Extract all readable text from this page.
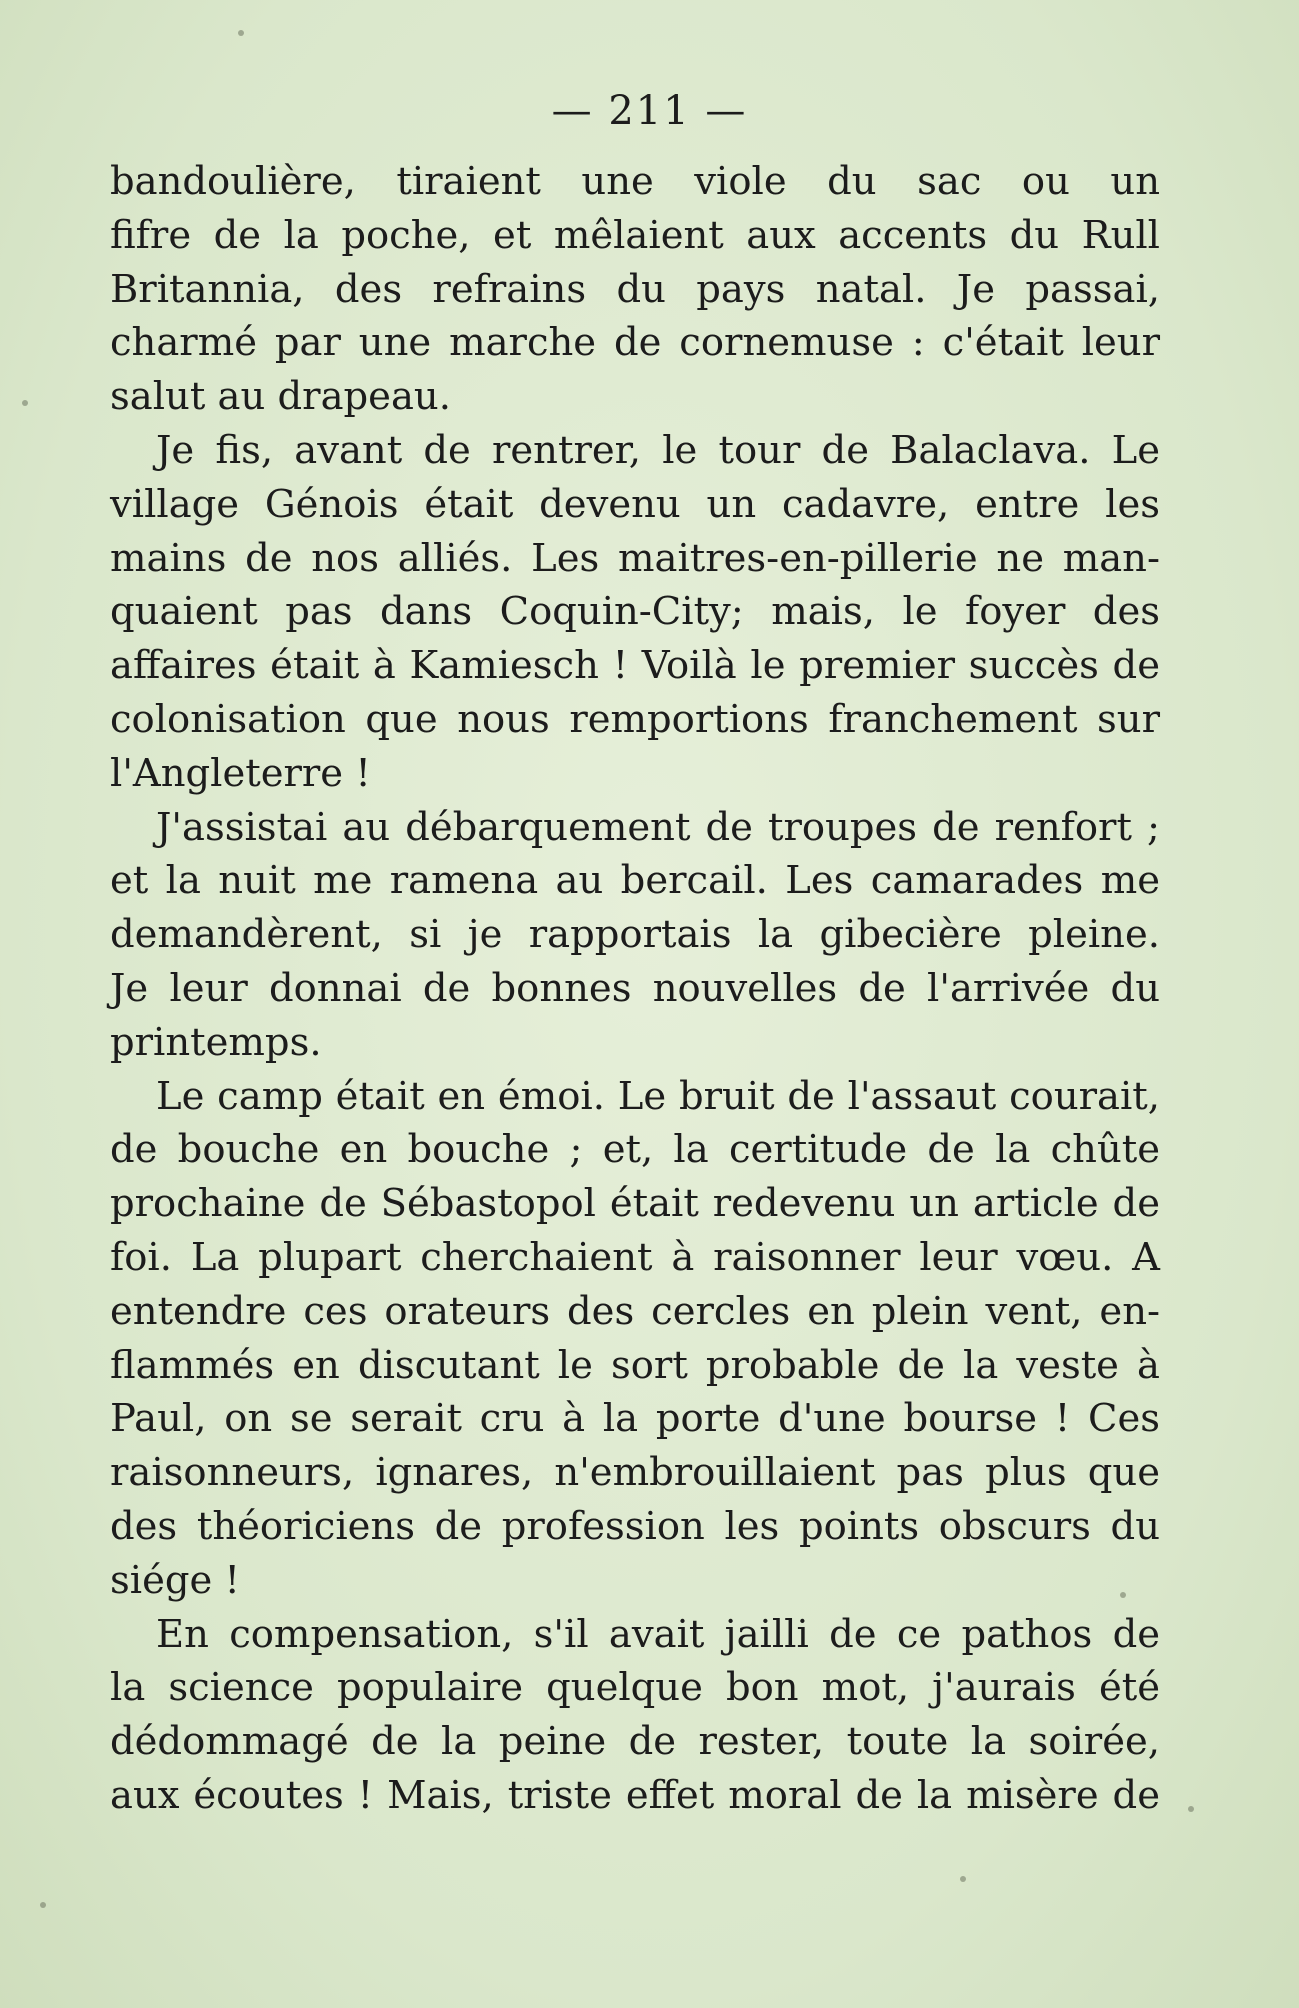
— 211 —
bandoulière, tiraient une viole du sac ou un
fifre de la poche, et mêlaient aux accents du Rull
Britannia, des refrains du pays natal. Je passai,
charmé par une marche de cornemuse : c'était leur
salut au drapeau.
Je fis, avant de rentrer, le tour de Balaclava. Le
village Génois était devenu un cadavre, entre les
mains de nos alliés. Les maitres-en-pillerie ne man-
quaient pas dans Coquin-City; mais, le foyer des
affaires était à Kamiesch ! Voilà le premier succès de
colonisation que nous remportions franchement sur
l'Angleterre !
J'assistai au débarquement de troupes de renfort ;
et la nuit me ramena au bercail. Les camarades me
demandèrent, si je rapportais la gibecière pleine.
Je leur donnai de bonnes nouvelles de l'arrivée du
printemps.
Le camp était en émoi. Le bruit de l'assaut courait,
de bouche en bouche ; et, la certitude de la chûte
prochaine de Sébastopol était redevenu un article de
foi. La plupart cherchaient à raisonner leur vœu. A
entendre ces orateurs des cercles en plein vent, en-
flammés en discutant le sort probable de la veste à
Paul, on se serait cru à la porte d'une bourse ! Ces
raisonneurs, ignares, n'embrouillaient pas plus que
des théoriciens de profession les points obscurs du
siége !
En compensation, s'il avait jailli de ce pathos de
la science populaire quelque bon mot, j'aurais été
dédommagé de la peine de rester, toute la soirée,
aux écoutes ! Mais, triste effet moral de la misère de
